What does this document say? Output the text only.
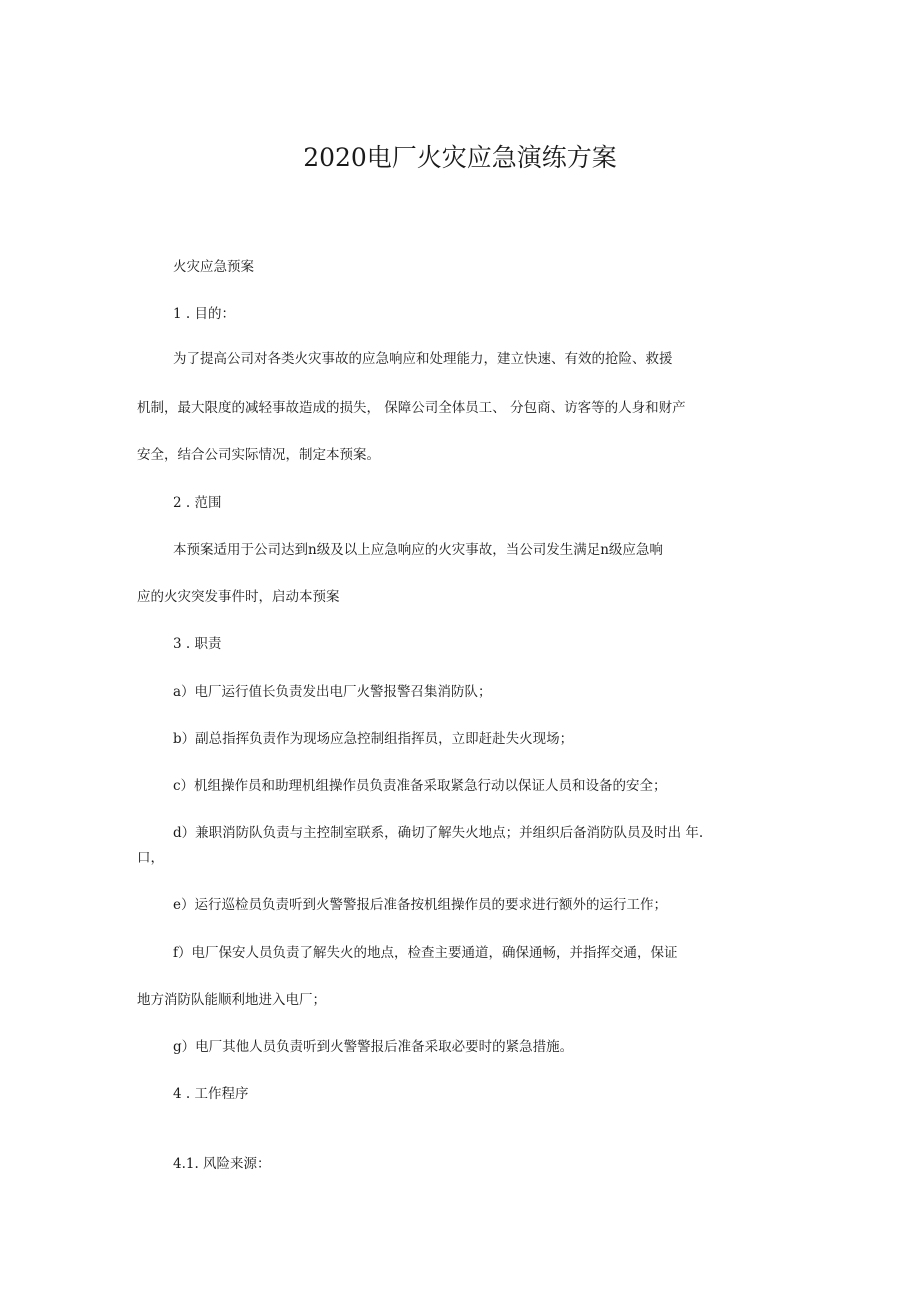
2020电厂火灾应急演练方案
火灾应急预案
1 . 目的：
为了提高公司对各类火灾事故的应急响应和处理能力，建立快速、有效的抢险、救援
机制，最大限度的减轻事故造成的损失， 保障公司全体员工、 分包商、访客等的人身和财产
安全，结合公司实际情况，制定本预案。
2 . 范围
本预案适用于公司达到n级及以上应急响应的火灾事故，当公司发生满足n级应急响
应的火灾突发事件时，启动本预案
3 . 职责
a）电厂运行值长负责发出电厂火警报警召集消防队；
b）副总指挥负责作为现场应急控制组指挥员，立即赶赴失火现场；
c）机组操作员和助理机组操作员负责准备采取紧急行动以保证人员和设备的安全；
d）兼职消防队负责与主控制室联系，确切了解失火地点；并组织后备消防队员及时出 年.
口，
e）运行巡检员负责听到火警警报后准备按机组操作员的要求进行额外的运行工作；
f）电厂保安人员负责了解失火的地点，检查主要通道，确保通畅，并指挥交通，保证
地方消防队能顺利地进入电厂；
g）电厂其他人员负责听到火警警报后准备采取必要时的紧急措施。
4 . 工作程序
4.1. 风险来源：
